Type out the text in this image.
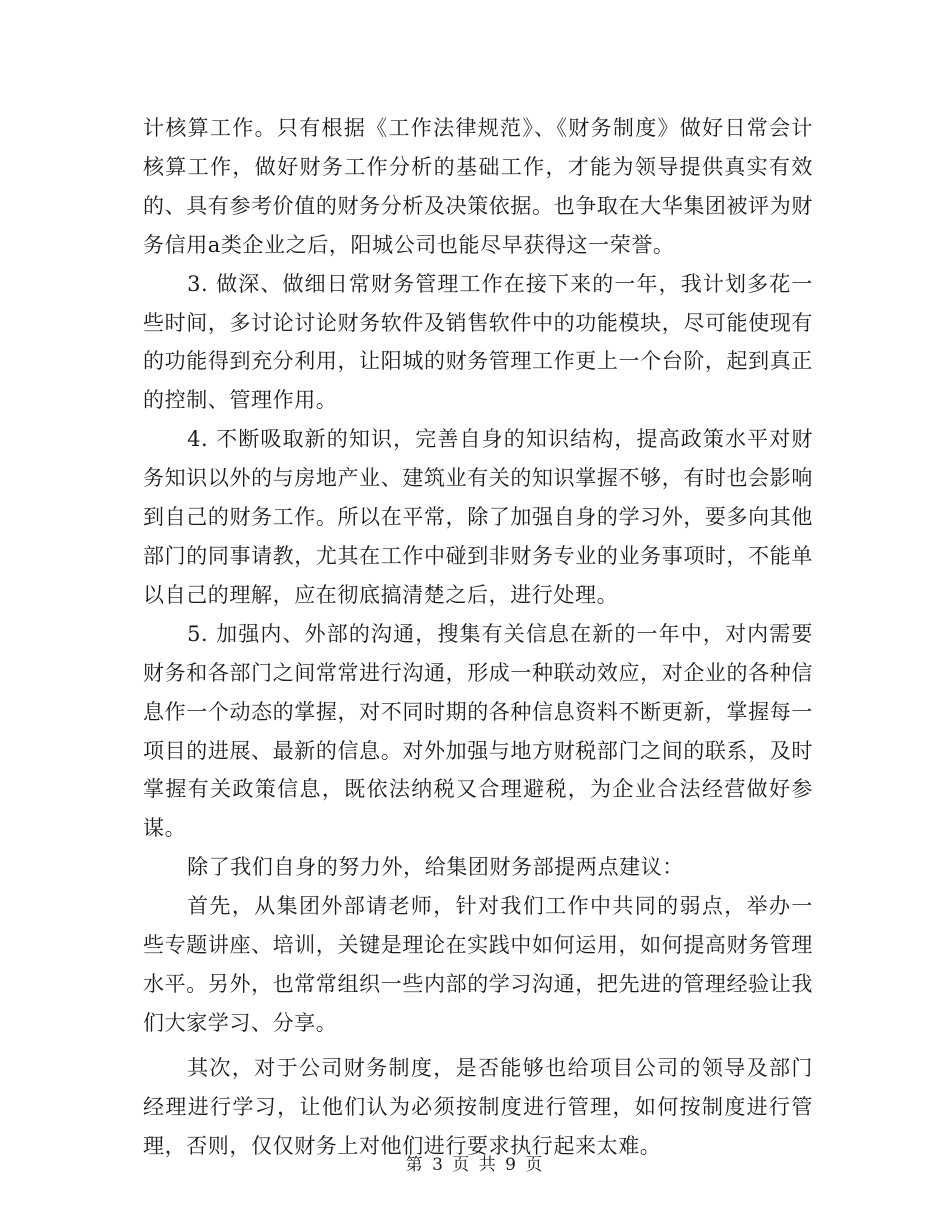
计核算工作。只有根据《工作法律规范》、《财务制度》做好日常会计核算工作，做好财务工作分析的基础工作，才能为领导提供真实有效的、具有参考价值的财务分析及决策依据。也争取在大华集团被评为财务信用a类企业之后，阳城公司也能尽早获得这一荣誉。

3. 做深、做细日常财务管理工作在接下来的一年，我计划多花一些时间，多讨论讨论财务软件及销售软件中的功能模块，尽可能使现有的功能得到充分利用，让阳城的财务管理工作更上一个台阶，起到真正的控制、管理作用。

4. 不断吸取新的知识，完善自身的知识结构，提高政策水平对财务知识以外的与房地产业、建筑业有关的知识掌握不够，有时也会影响到自己的财务工作。所以在平常，除了加强自身的学习外，要多向其他部门的同事请教，尤其在工作中碰到非财务专业的业务事项时，不能单以自己的理解，应在彻底搞清楚之后，进行处理。

5. 加强内、外部的沟通，搜集有关信息在新的一年中，对内需要财务和各部门之间常常进行沟通，形成一种联动效应，对企业的各种信息作一个动态的掌握，对不同时期的各种信息资料不断更新，掌握每一项目的进展、最新的信息。对外加强与地方财税部门之间的联系，及时掌握有关政策信息，既依法纳税又合理避税，为企业合法经营做好参谋。

除了我们自身的努力外，给集团财务部提两点建议：

首先，从集团外部请老师，针对我们工作中共同的弱点，举办一些专题讲座、培训，关键是理论在实践中如何运用，如何提高财务管理水平。另外，也常常组织一些内部的学习沟通，把先进的管理经验让我们大家学习、分享。

其次，对于公司财务制度，是否能够也给项目公司的领导及部门经理进行学习，让他们认为必须按制度进行管理，如何按制度进行管理，否则，仅仅财务上对他们进行要求执行起来太难。

第 3 页 共 9 页
